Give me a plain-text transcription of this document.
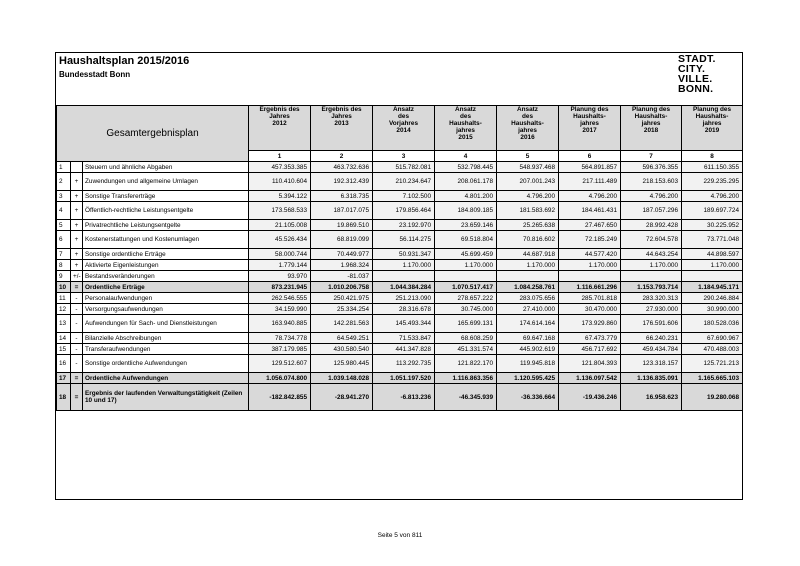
Haushaltsplan 2015/2016
Bundesstadt Bonn
STADT.
CITY.
VILLE.
BONN.
Gesamtergebnisplan			Ergebnis des
Jahres
2012	Ergebnis des
Jahres
2013	Ansatz
des
Vorjahres
2014	Ansatz
des
Haushalts-
jahres
2015	Ansatz
des
Haushalts-
jahres
2016	Planung des
Haushalts-
jahres
2017	Planung des
Haushalts-
jahres
2018	Planung des
Haushalts-
jahres
2019
			1	2	3	4	5	6	7	8
1		Steuern und ähnliche Abgaben	457.353.385	463.732.636	515.782.081	532.798.445	548.937.468	564.891.857	596.376.355	611.150.355
2	+	Zuwendungen und allgemeine Umlagen	110.410.604	192.312.439	210.234.647	208.061.178	207.001.243	217.111.489	218.153.603	229.235.295
3	+	Sonstige Transfererträge	5.394.122	6.318.735	7.102.500	4.801.200	4.796.200	4.796.200	4.796.200	4.796.200
4	+	Öffentlich-rechtliche Leistungsentgelte	173.568.533	187.017.075	179.856.464	184.809.185	181.583.692	184.461.431	187.057.296	189.697.724
5	+	Privatrechtliche Leistungsentgelte	21.105.008	19.869.510	23.192.970	23.659.146	25.265.638	27.467.650	28.992.428	30.225.952
6	+	Kostenerstattungen und Kostenumlagen	45.526.434	68.819.099	56.114.275	69.518.804	70.816.602	72.185.249	72.604.578	73.771.048
7	+	Sonstige ordentliche Erträge	58.000.744	70.449.977	50.931.347	45.699.459	44.687.918	44.577.420	44.643.254	44.898.597
8	+	Aktivierte Eigenleistungen	1.779.144	1.968.324	1.170.000	1.170.000	1.170.000	1.170.000	1.170.000	1.170.000
9	+/-	Bestandsveränderungen	93.970	-81.037						
10	=	Ordentliche Erträge	873.231.945	1.010.206.758	1.044.384.284	1.070.517.417	1.084.258.761	1.116.661.296	1.153.793.714	1.184.945.171
11	-	Personalaufwendungen	262.546.555	250.421.975	251.213.090	278.657.222	283.075.656	285.701.818	283.320.313	290.246.884
12	-	Versorgungsaufwendungen	34.159.990	25.334.254	28.316.678	30.745.000	27.410.000	30.470.000	27.930.000	30.990.000
13	-	Aufwendungen für Sach- und Dienstleistungen	163.940.885	142.281.563	145.493.344	165.699.131	174.614.164	173.929.860	176.591.606	180.528.036
14	-	Bilanzielle Abschreibungen	78.734.778	64.549.251	71.533.847	68.608.259	69.647.168	67.473.779	66.240.231	67.690.967
15	-	Transferaufwendungen	387.179.985	430.580.540	441.347.828	451.331.574	445.902.619	456.717.692	459.434.784	470.488.003
16	-	Sonstige ordentliche Aufwendungen	129.512.607	125.980.445	113.292.735	121.822.170	119.945.818	121.804.393	123.318.157	125.721.213
17	=	Ordentliche Aufwendungen	1.056.074.800	1.039.148.028	1.051.197.520	1.116.863.356	1.120.595.425	1.136.097.542	1.136.835.091	1.165.665.103
18	=	Ergebnis der laufenden Verwaltungstätigkeit (Zeilen 10 und 17)	-182.842.855	-28.941.270	-6.813.236	-46.345.939	-36.336.664	-19.436.246	16.958.623	19.280.068
Seite 5 von 811
